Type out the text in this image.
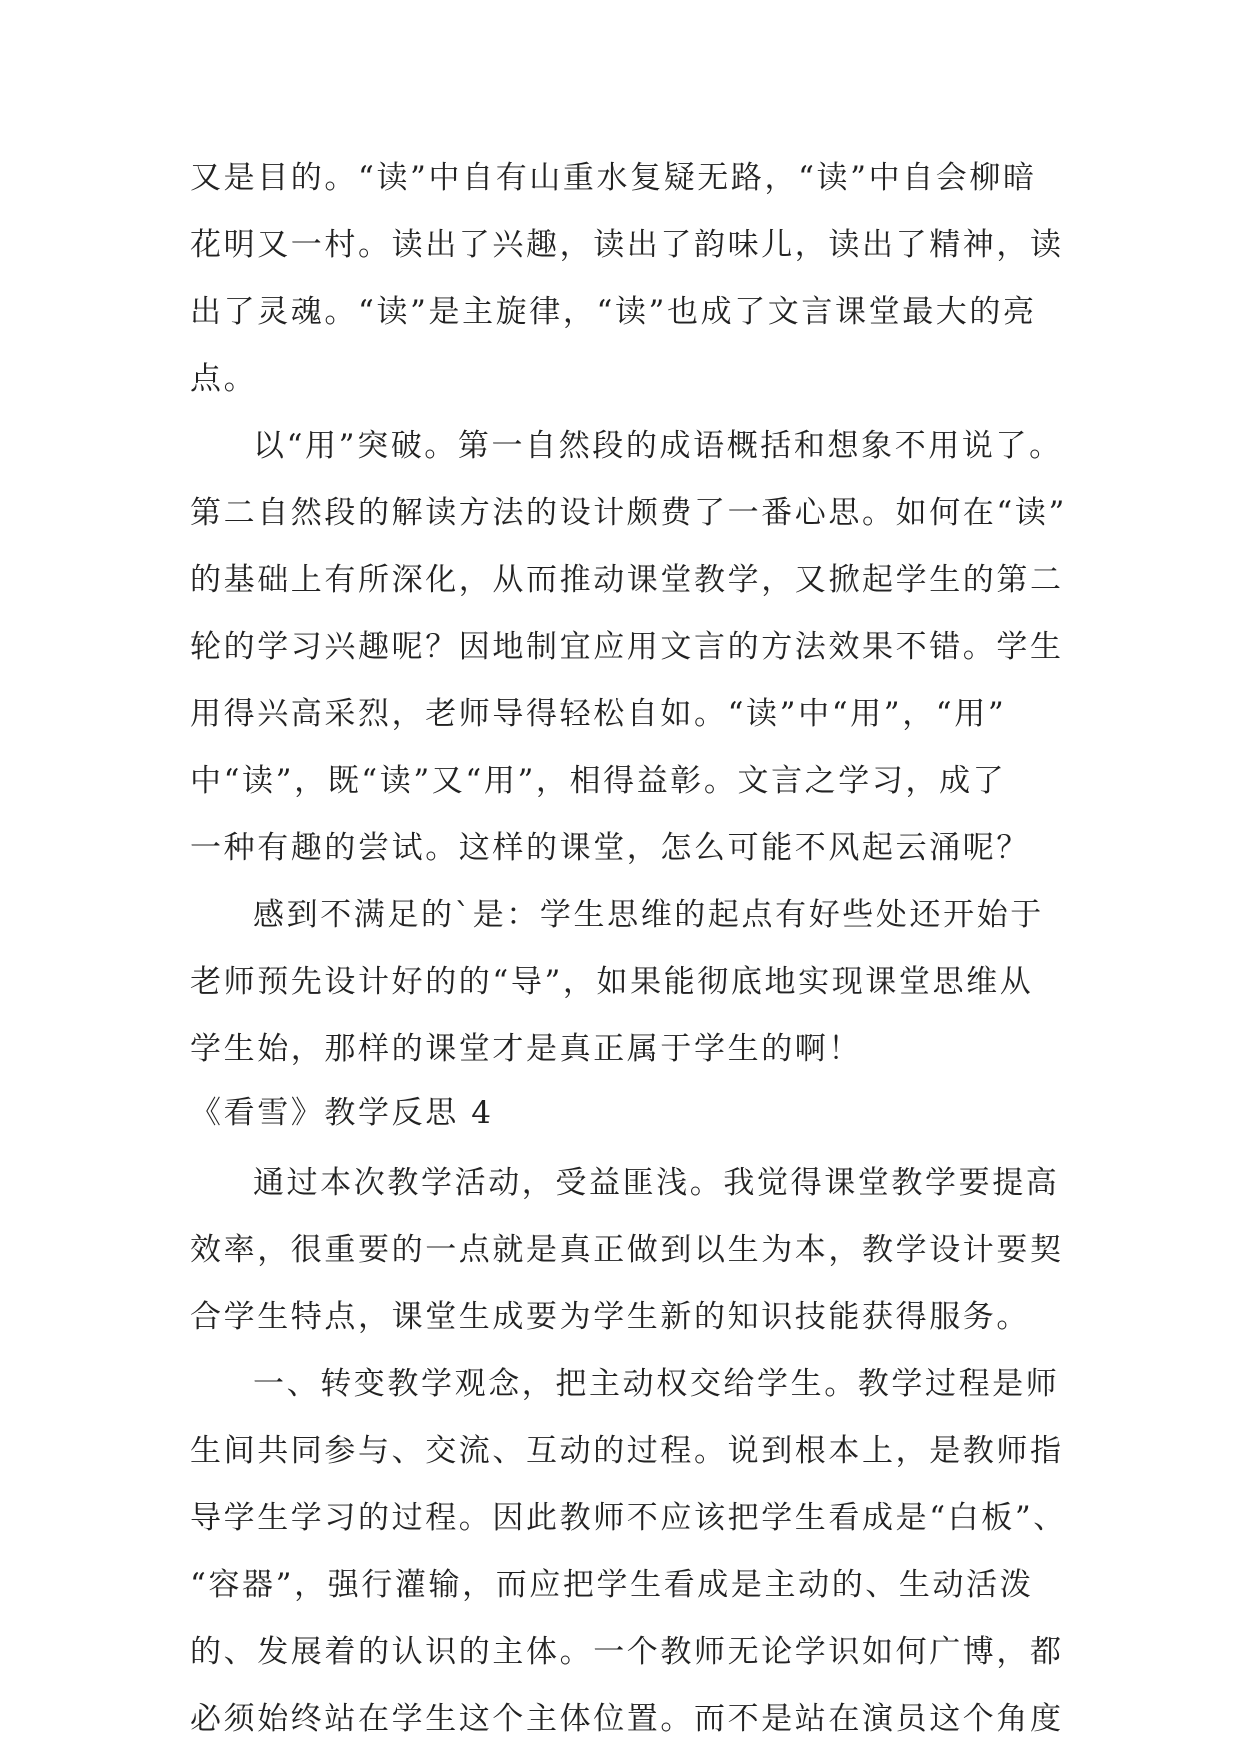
又是目的。“读”中自有山重水复疑无路，“读”中自会柳暗
花明又一村。读出了兴趣，读出了韵味儿，读出了精神，读
出了灵魂。“读”是主旋律，“读”也成了文言课堂最大的亮
点。
以“用”突破。第一自然段的成语概括和想象不用说了。
第二自然段的解读方法的设计颇费了一番心思。如何在“读”
的基础上有所深化，从而推动课堂教学，又掀起学生的第二
轮的学习兴趣呢？因地制宜应用文言的方法效果不错。学生
用得兴高采烈，老师导得轻松自如。“读”中“用”，“用”
中“读”，既“读”又“用”，相得益彰。文言之学习，成了
一种有趣的尝试。这样的课堂，怎么可能不风起云涌呢？
感到不满足的`是：学生思维的起点有好些处还开始于
老师预先设计好的的“导”，如果能彻底地实现课堂思维从
学生始，那样的课堂才是真正属于学生的啊！
《看雪》教学反思 4
通过本次教学活动，受益匪浅。我觉得课堂教学要提高
效率，很重要的一点就是真正做到以生为本，教学设计要契
合学生特点，课堂生成要为学生新的知识技能获得服务。
一、转变教学观念，把主动权交给学生。教学过程是师
生间共同参与、交流、互动的过程。说到根本上，是教师指
导学生学习的过程。因此教师不应该把学生看成是“白板”、
“容器”，强行灌输，而应把学生看成是主动的、生动活泼
的、发展着的认识的主体。一个教师无论学识如何广博，都
必须始终站在学生这个主体位置。而不是站在演员这个角度
